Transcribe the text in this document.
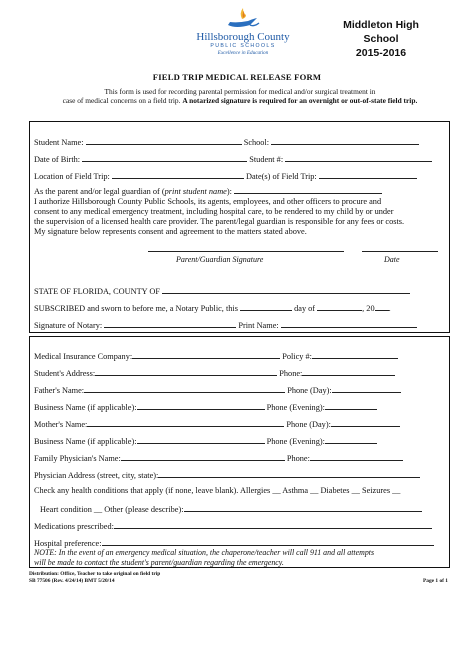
Hillsborough County
PUBLIC SCHOOLS
Excellence in Education
Middleton High School
2015-2016
FIELD TRIP MEDICAL RELEASE FORM
This form is used for recording parental permission for medical and/or surgical treatment in
case of medical concerns on a field trip. A notarized signature is required for an overnight or out-of-state field trip.
Student Name:	School:
Date of Birth:	Student #:
Location of Field Trip:	Date(s) of Field Trip:
As the parent and/or legal guardian of (print student name):
I authorize Hillsborough County Public Schools, its agents, employees, and other officers to procure and
consent to any medical emergency treatment, including hospital care, to be rendered to my child by or under
the supervision of a licensed health care provider. The parent/legal guardian is responsible for any fees or costs.
My signature below represents consent and agreement to the matters stated above.
Parent/Guardian Signature	Date
STATE OF FLORIDA, COUNTY OF
SUBSCRIBED and sworn to before me, a Notary Public, this	day of	, 20 .
Signature of Notary:	Print Name:
Medical Insurance Company:	Policy #:
Student's Address:	Phone:
Father's Name:	Phone (Day):
Business Name (if applicable):	Phone (Evening):
Mother's Name:	Phone (Day):
Business Name (if applicable):	Phone (Evening):
Family Physician's Name:	Phone:
Physician Address (street, city, state):
Check any health conditions that apply (if none, leave blank). Allergies __ Asthma __ Diabetes __ Seizures __
Heart condition __ Other (please describe):
Medications prescribed:
Hospital preference:
NOTE: In the event of an emergency medical situation, the chaperone/teacher will call 911 and all attempts
will be made to contact the student's parent/guardian regarding the emergency.
Distribution: Office, Teacher to take original on field trip
SB 77506 (Rev. 4/24/14) BMT 5/20/14	Page 1 of 1
